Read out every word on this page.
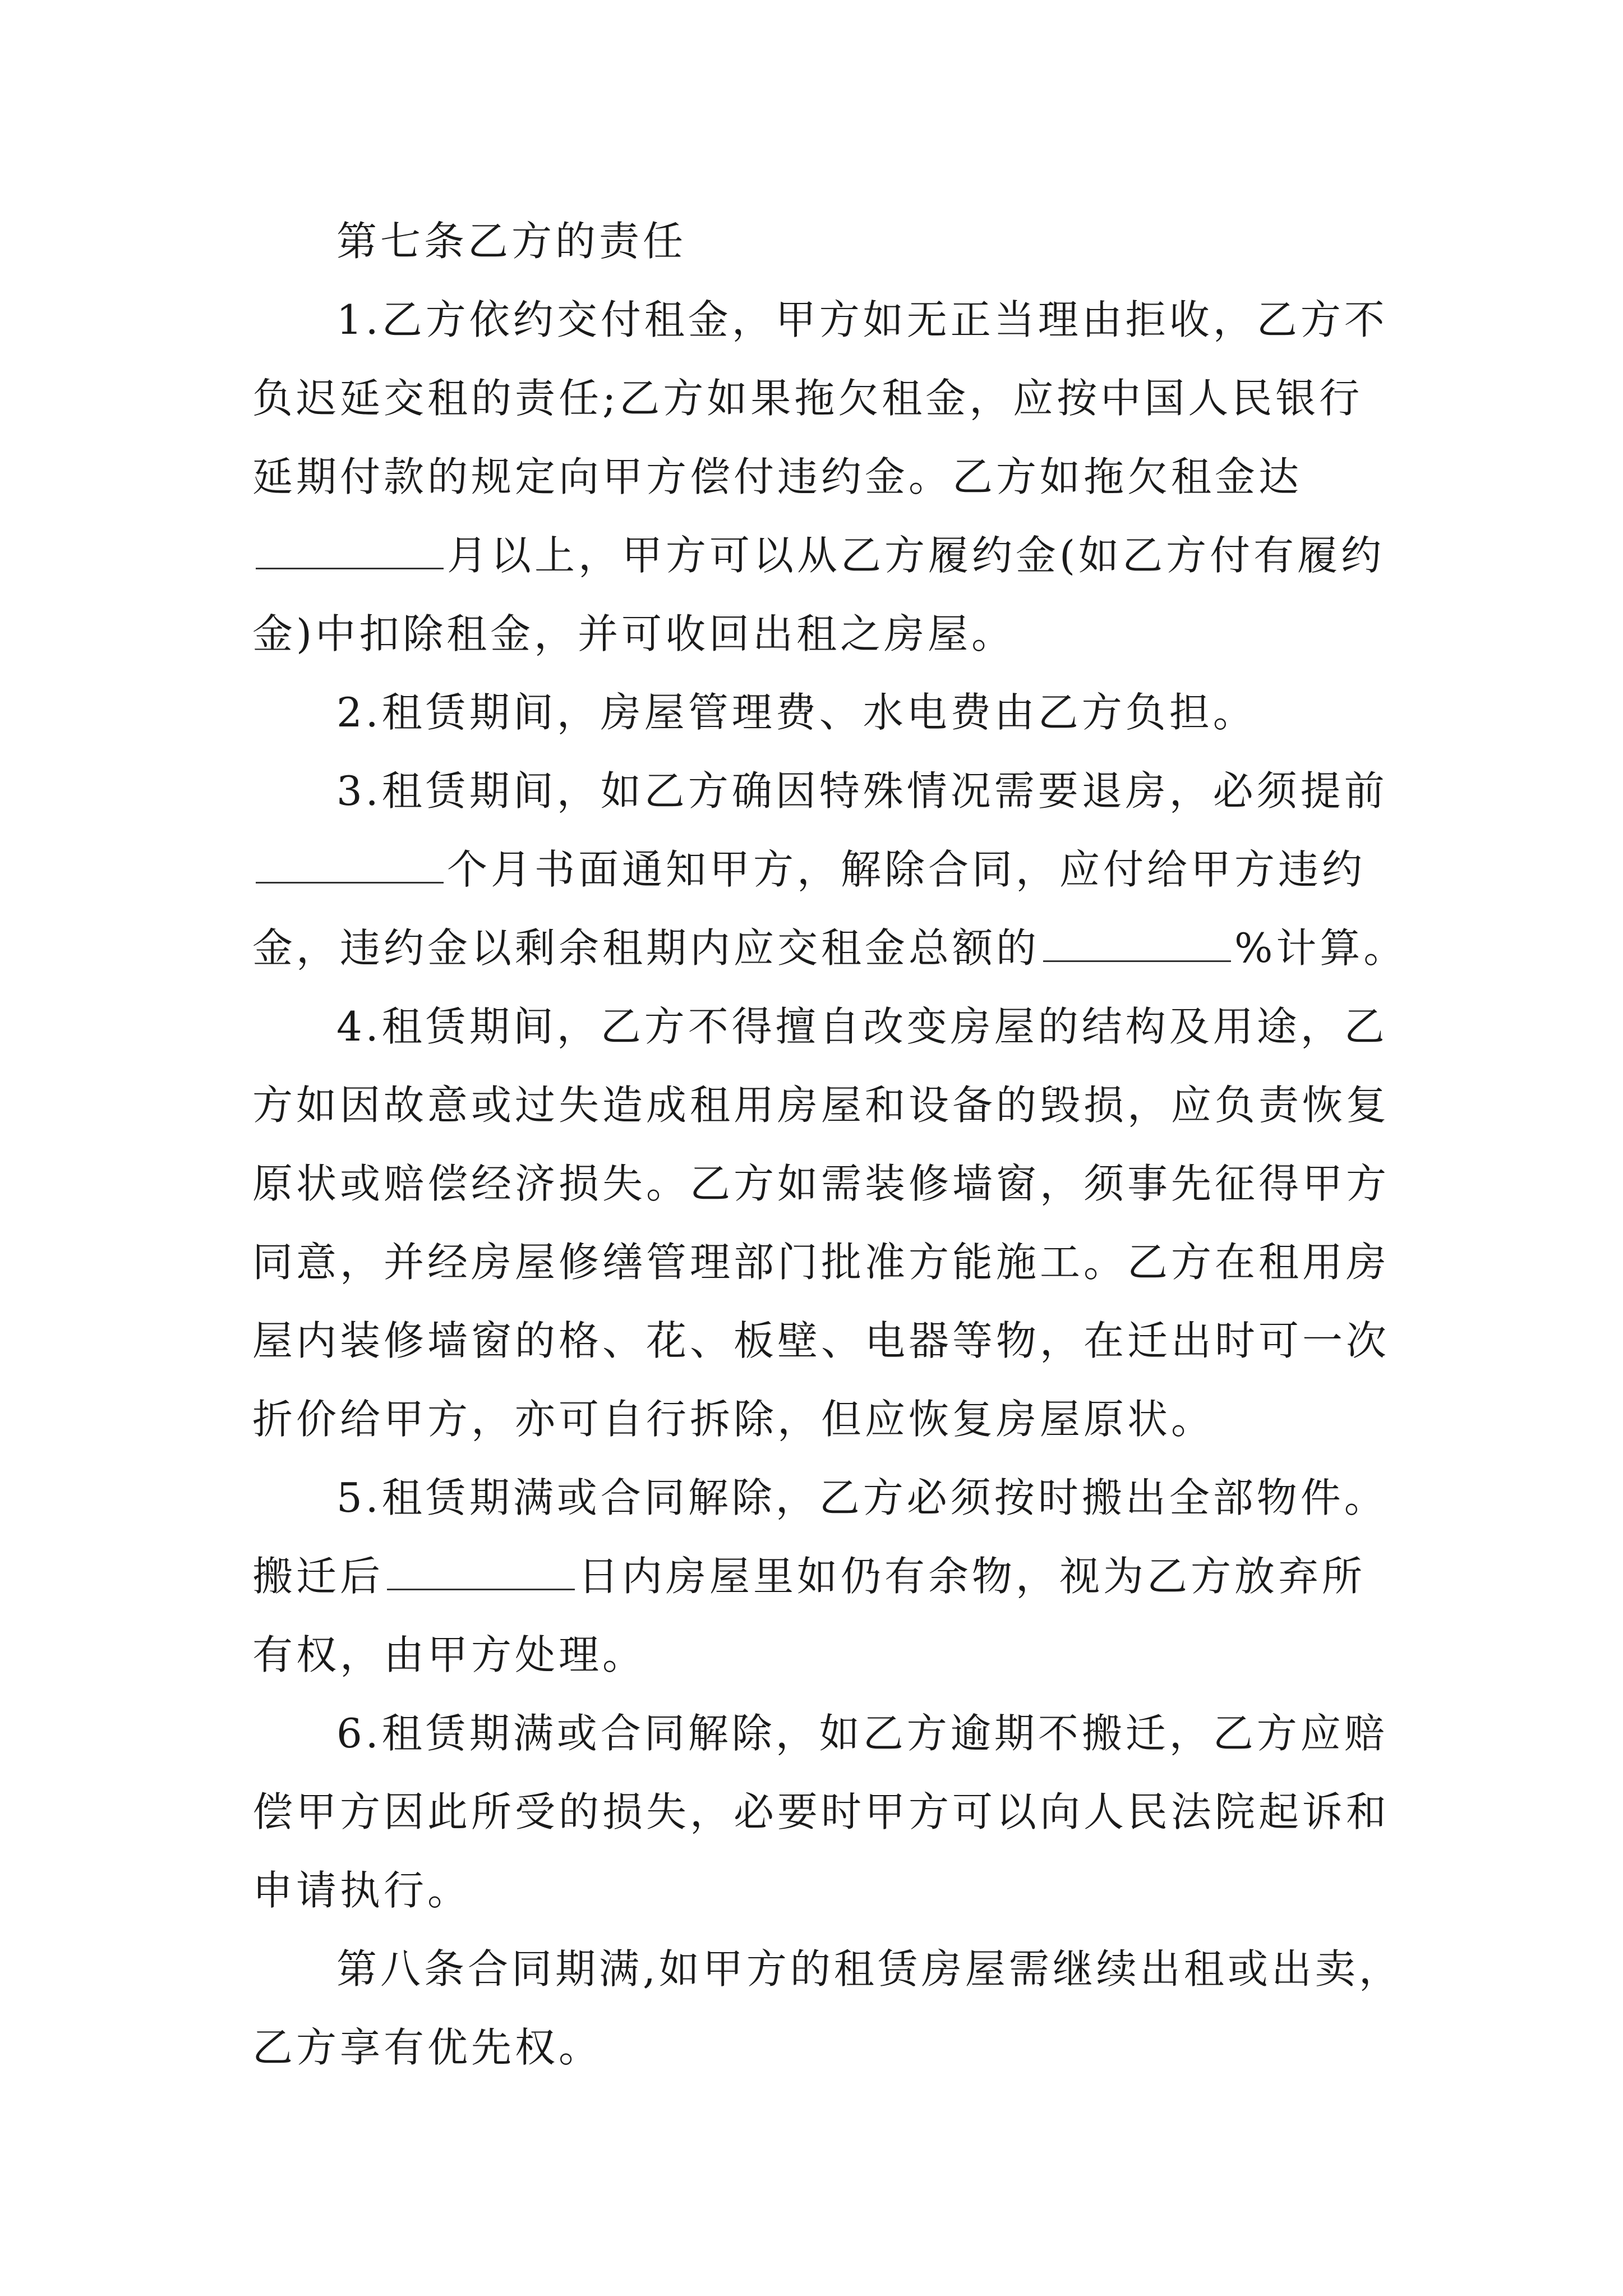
第七条乙方的责任
1.乙方依约交付租金，甲方如无正当理由拒收，乙方不
负迟延交租的责任;乙方如果拖欠租金，应按中国人民银行
延期付款的规定向甲方偿付违约金。乙方如拖欠租金达
月以上，甲方可以从乙方履约金(如乙方付有履约
金)中扣除租金，并可收回出租之房屋。
2.租赁期间，房屋管理费、水电费由乙方负担。
3.租赁期间，如乙方确因特殊情况需要退房，必须提前
个月书面通知甲方，解除合同，应付给甲方违约
金，违约金以剩余租期内应交租金总额的	%计算。
4.租赁期间，乙方不得擅自改变房屋的结构及用途，乙
方如因故意或过失造成租用房屋和设备的毁损，应负责恢复
原状或赔偿经济损失。乙方如需装修墙窗，须事先征得甲方
同意，并经房屋修缮管理部门批准方能施工。乙方在租用房
屋内装修墙窗的格、花、板壁、电器等物，在迁出时可一次
折价给甲方，亦可自行拆除，但应恢复房屋原状。
5.租赁期满或合同解除，乙方必须按时搬出全部物件。
搬迁后	日内房屋里如仍有余物，视为乙方放弃所
有权，由甲方处理。
6.租赁期满或合同解除，如乙方逾期不搬迁，乙方应赔
偿甲方因此所受的损失，必要时甲方可以向人民法院起诉和
申请执行。
第八条合同期满,如甲方的租赁房屋需继续出租或出卖，
乙方享有优先权。
